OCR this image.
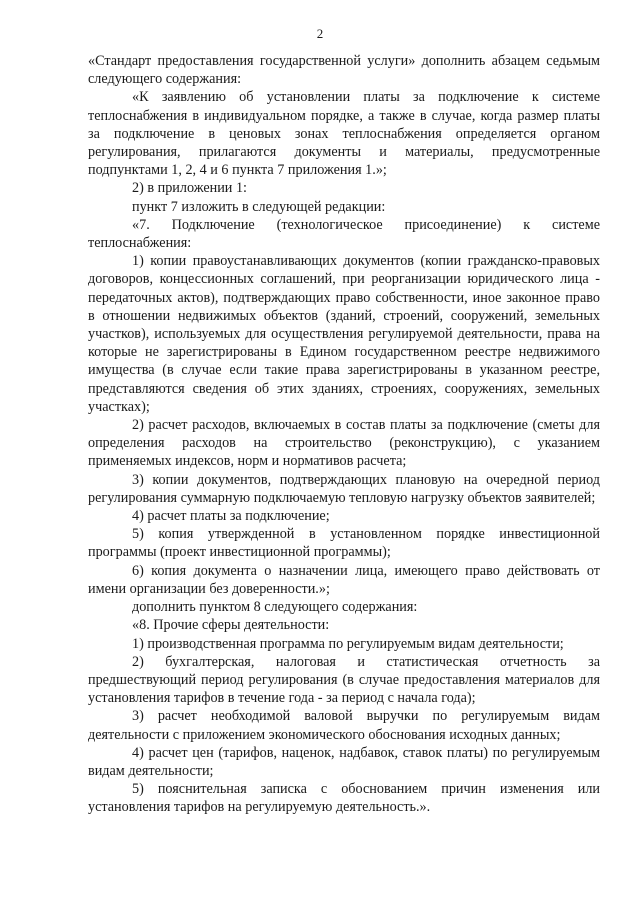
2

«Стандарт предоставления государственной услуги» дополнить абзацем седьмым следующего содержания:

«К заявлению об установлении платы за подключение к системе теплоснабжения в индивидуальном порядке, а также в случае, когда размер платы за подключение в ценовых зонах теплоснабжения определяется органом регулирования, прилагаются документы и материалы, предусмотренные подпунктами 1, 2, 4 и 6 пункта 7 приложения 1.»;

2) в приложении 1:

пункт 7 изложить в следующей редакции:

«7. Подключение (технологическое присоединение) к системе теплоснабжения:

1) копии правоустанавливающих документов (копии гражданско-правовых договоров, концессионных соглашений, при реорганизации юридического лица - передаточных актов), подтверждающих право собственности, иное законное право в отношении недвижимых объектов (зданий, строений, сооружений, земельных участков), используемых для осуществления регулируемой деятельности, права на которые не зарегистрированы в Едином государственном реестре недвижимого имущества (в случае если такие права зарегистрированы в указанном реестре, представляются сведения об этих зданиях, строениях, сооружениях, земельных участках);

2) расчет расходов, включаемых в состав платы за подключение (сметы для определения расходов на строительство (реконструкцию), с указанием применяемых индексов, норм и нормативов расчета;

3) копии документов, подтверждающих плановую на очередной период регулирования суммарную подключаемую тепловую нагрузку объектов заявителей;

4) расчет платы за подключение;

5) копия утвержденной в установленном порядке инвестиционной программы (проект инвестиционной программы);

6) копия документа о назначении лица, имеющего право действовать от имени организации без доверенности.»;

дополнить пунктом 8 следующего содержания:

«8. Прочие сферы деятельности:

1) производственная программа по регулируемым видам деятельности;

2) бухгалтерская, налоговая и статистическая отчетность за предшествующий период регулирования (в случае предоставления материалов для установления тарифов в течение года - за период с начала года);

3) расчет необходимой валовой выручки по регулируемым видам деятельности с приложением экономического обоснования исходных данных;

4) расчет цен (тарифов, наценок, надбавок, ставок платы) по регулируемым видам деятельности;

5) пояснительная записка с обоснованием причин изменения или установления тарифов на регулируемую деятельность.».
